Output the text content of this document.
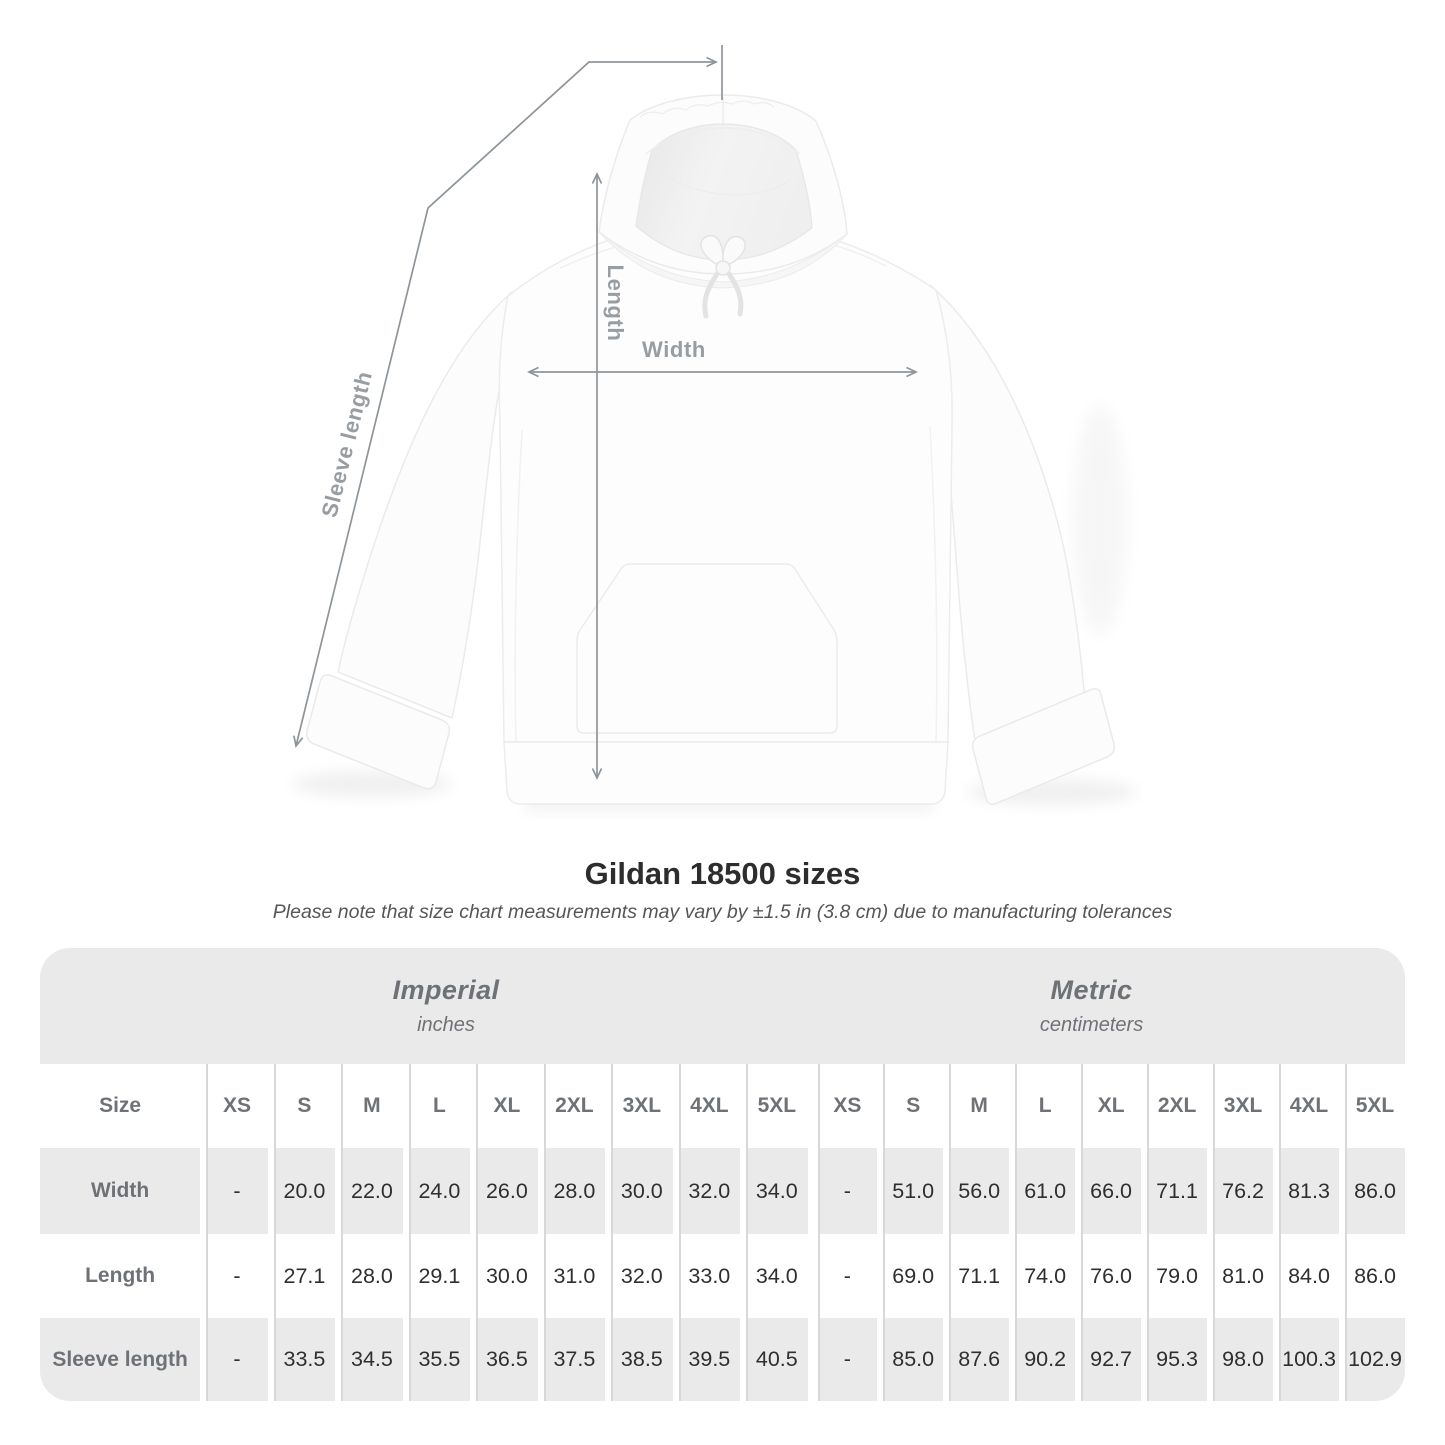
Length
Width
Sleeve length
Gildan 18500 sizes
Please note that size chart measurements may vary by ±1.5 in (3.8 cm) due to manufacturing tolerances
Imperial
inches
Metric
centimeters
Size	XS	S	M	L	XL	2XL	3XL	4XL	5XL	XS	S	M	L	XL	2XL	3XL	4XL	5XL
Width	-	20.0	22.0	24.0	26.0	28.0	30.0	32.0	34.0	-	51.0	56.0	61.0	66.0	71.1	76.2	81.3	86.0
Length	-	27.1	28.0	29.1	30.0	31.0	32.0	33.0	34.0	-	69.0	71.1	74.0	76.0	79.0	81.0	84.0	86.0
Sleeve length	-	33.5	34.5	35.5	36.5	37.5	38.5	39.5	40.5	-	85.0	87.6	90.2	92.7	95.3	98.0	100.3	102.9
